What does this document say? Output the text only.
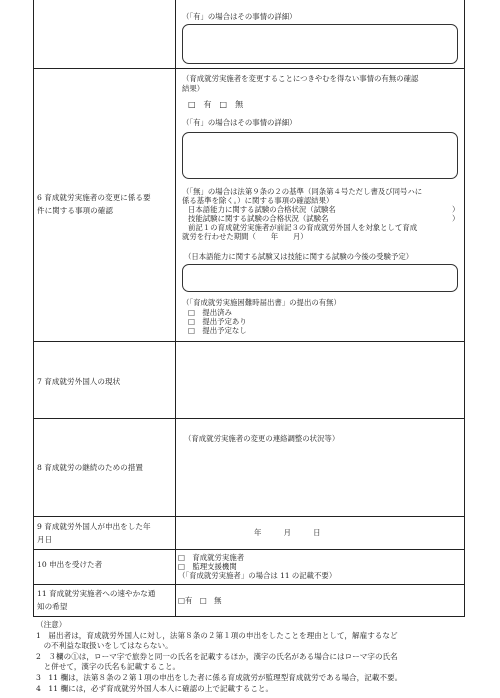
（「有」の場合はその事情の詳細）
6 育成就労実施者の変更に係る要
件に関する事項の確認
（育成就労実施者を変更することにつきやむを得ない事情の有無の確認
結果）
□　有　□　無
（「有」の場合はその事情の詳細）
（「無」の場合は法第９条の２の基準（同条第４号ただし書及び同号ハに
係る基準を除く。）に関する事項の確認結果）
日本語能力に関する試験の合格状況（試験名	）
技能試験に関する試験の合格状況（試験名	）
前記１の育成就労実施者が前記３の育成就労外国人を対象として育成
就労を行わせた期間（　　年　　月）
（日本語能力に関する試験又は技能に関する試験の今後の受験予定）
（「育成就労実施困難時届出書」の提出の有無）
□　提出済み
□　提出予定あり
□　提出予定なし
7 育成就労外国人の現状
8 育成就労の継続のための措置
（育成就労実施者の変更の連絡調整の状況等）
9 育成就労外国人が申出をした年
月日
年　　　月　　　日
10 申出を受けた者
□　育成就労実施者
□　監理支援機関
（「育成就労実施者」の場合は 11 の記載不要）
11 育成就労実施者への速やかな通
知の希望
□有　□　無
（注意）
1　届出者は，育成就労外国人に対し，法第８条の２第１項の申出をしたことを理由として，解雇するなど
　の不利益な取扱いをしてはならない。
2　３欄の①は，ローマ字で旅券と同一の氏名を記載するほか，漢字の氏名がある場合にはローマ字の氏名
　と併せて，漢字の氏名も記載すること。
3　11 欄は，法第８条の２第１項の申出をした者に係る育成就労が監理型育成就労である場合，記載不要。
4　11 欄には，必ず育成就労外国人本人に確認の上で記載すること。
